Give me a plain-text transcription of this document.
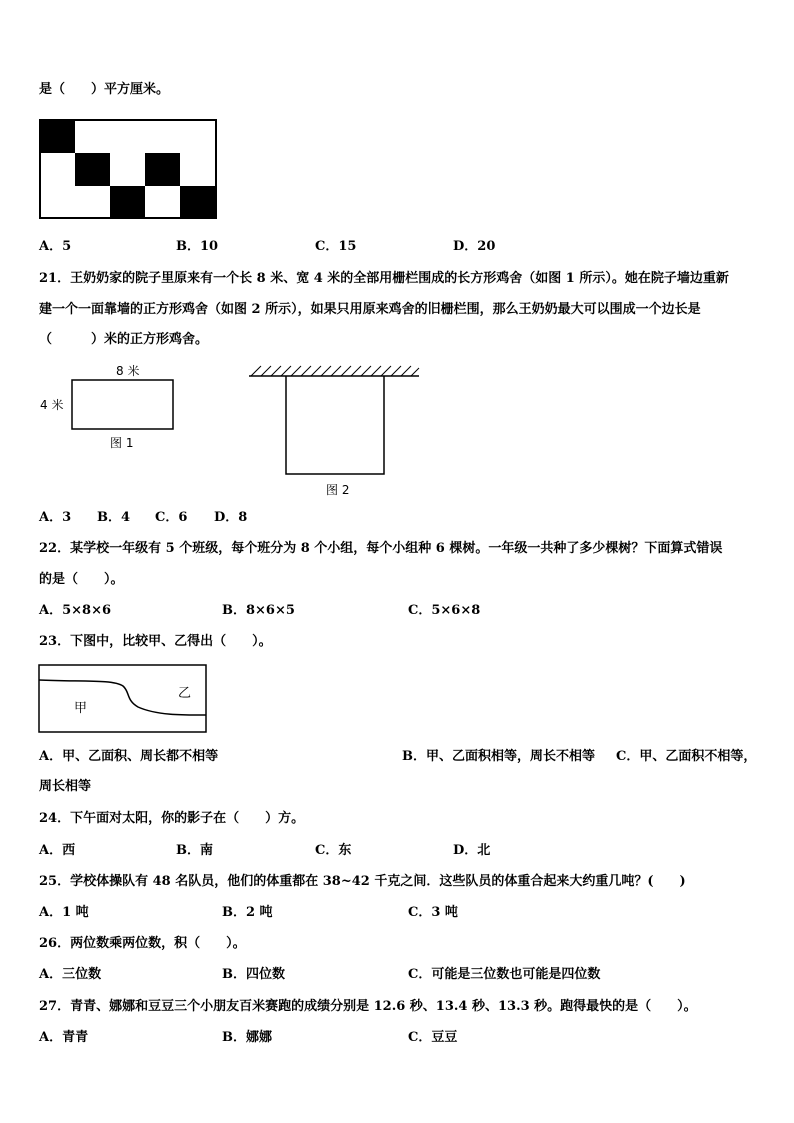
是（　　）平方厘米。
A．5	B．10	C．15	D．20
21．王奶奶家的院子里原来有一个长 8 米、宽 4 米的全部用栅栏围成的长方形鸡舍（如图 1 所示）。她在院子墙边重新
建一个一面靠墙的正方形鸡舍（如图 2 所示），如果只用原来鸡舍的旧栅栏围，那么王奶奶最大可以围成一个边长是
（　　　）米的正方形鸡舍。
8 米
4 米
图 1
图 2
A．3 B．4 C．6 D．8
22．某学校一年级有 5 个班级，每个班分为 8 个小组，每个小组种 6 棵树。一年级一共种了多少棵树？下面算式错误
的是（　　）。
A．5×8×6	B．8×6×5	C．5×6×8
23．下图中，比较甲、乙得出（　　）。
甲
乙
A．甲、乙面积、周长都不相等	B．甲、乙面积相等，周长不相等 C．甲、乙面积不相等，
周长相等
24．下午面对太阳，你的影子在（　　）方。
A．西	B．南	C．东	D．北
25．学校体操队有 48 名队员，他们的体重都在 38~42 千克之间．这些队员的体重合起来大约重几吨？(　　)
A．1 吨	B．2 吨	C．3 吨
26．两位数乘两位数，积（　　）。
A．三位数	B．四位数	C．可能是三位数也可能是四位数
27．青青、娜娜和豆豆三个小朋友百米赛跑的成绩分别是 12.6 秒、13.4 秒、13.3 秒。跑得最快的是（　　）。
A．青青	B．娜娜	C．豆豆
